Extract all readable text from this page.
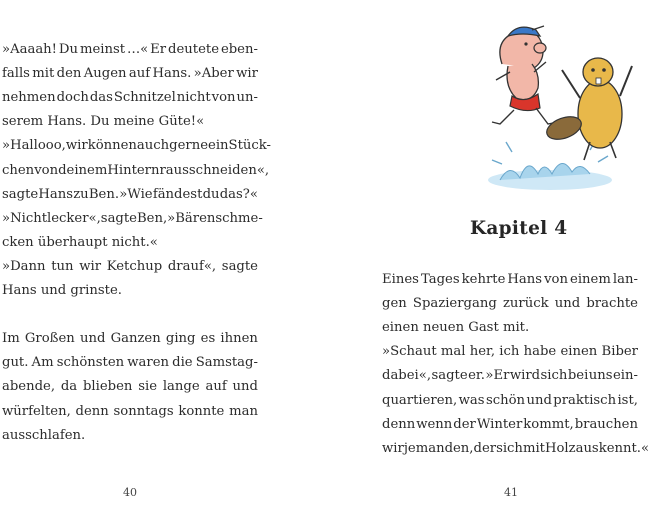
»Aaaah! Du meinst …« Er deutete eben-
falls mit den Augen auf Hans. »Aber wir
nehmen doch das Schnitzel nicht von un-
serem Hans. Du meine Güte!«
»Hallooo, wir können auch gerne ein Stück-
chen von deinem Hintern rausschneiden«,
sagte Hans zu Ben. »Wie fändest du das?«
»Nicht lecker«, sagte Ben, »Bären schme-
cken überhaupt nicht.«
»Dann tun wir Ketchup drauf«, sagte
Hans und grinste.
Im Großen und Ganzen ging es ihnen
gut. Am schönsten waren die Samstag-
abende, da blieben sie lange auf und
würfelten, denn sonntags konnte man
ausschlafen.
40
Kapitel 4
Eines Tages kehrte Hans von einem lan-
gen Spaziergang zurück und brachte
einen neuen Gast mit.
»Schaut mal her, ich habe einen Biber
dabei«, sagte er. »Er wird sich bei uns ein-
quartieren, was schön und praktisch ist,
denn wenn der Winter kommt, brauchen
wir jemanden, der sich mit Holz auskennt.«
41
